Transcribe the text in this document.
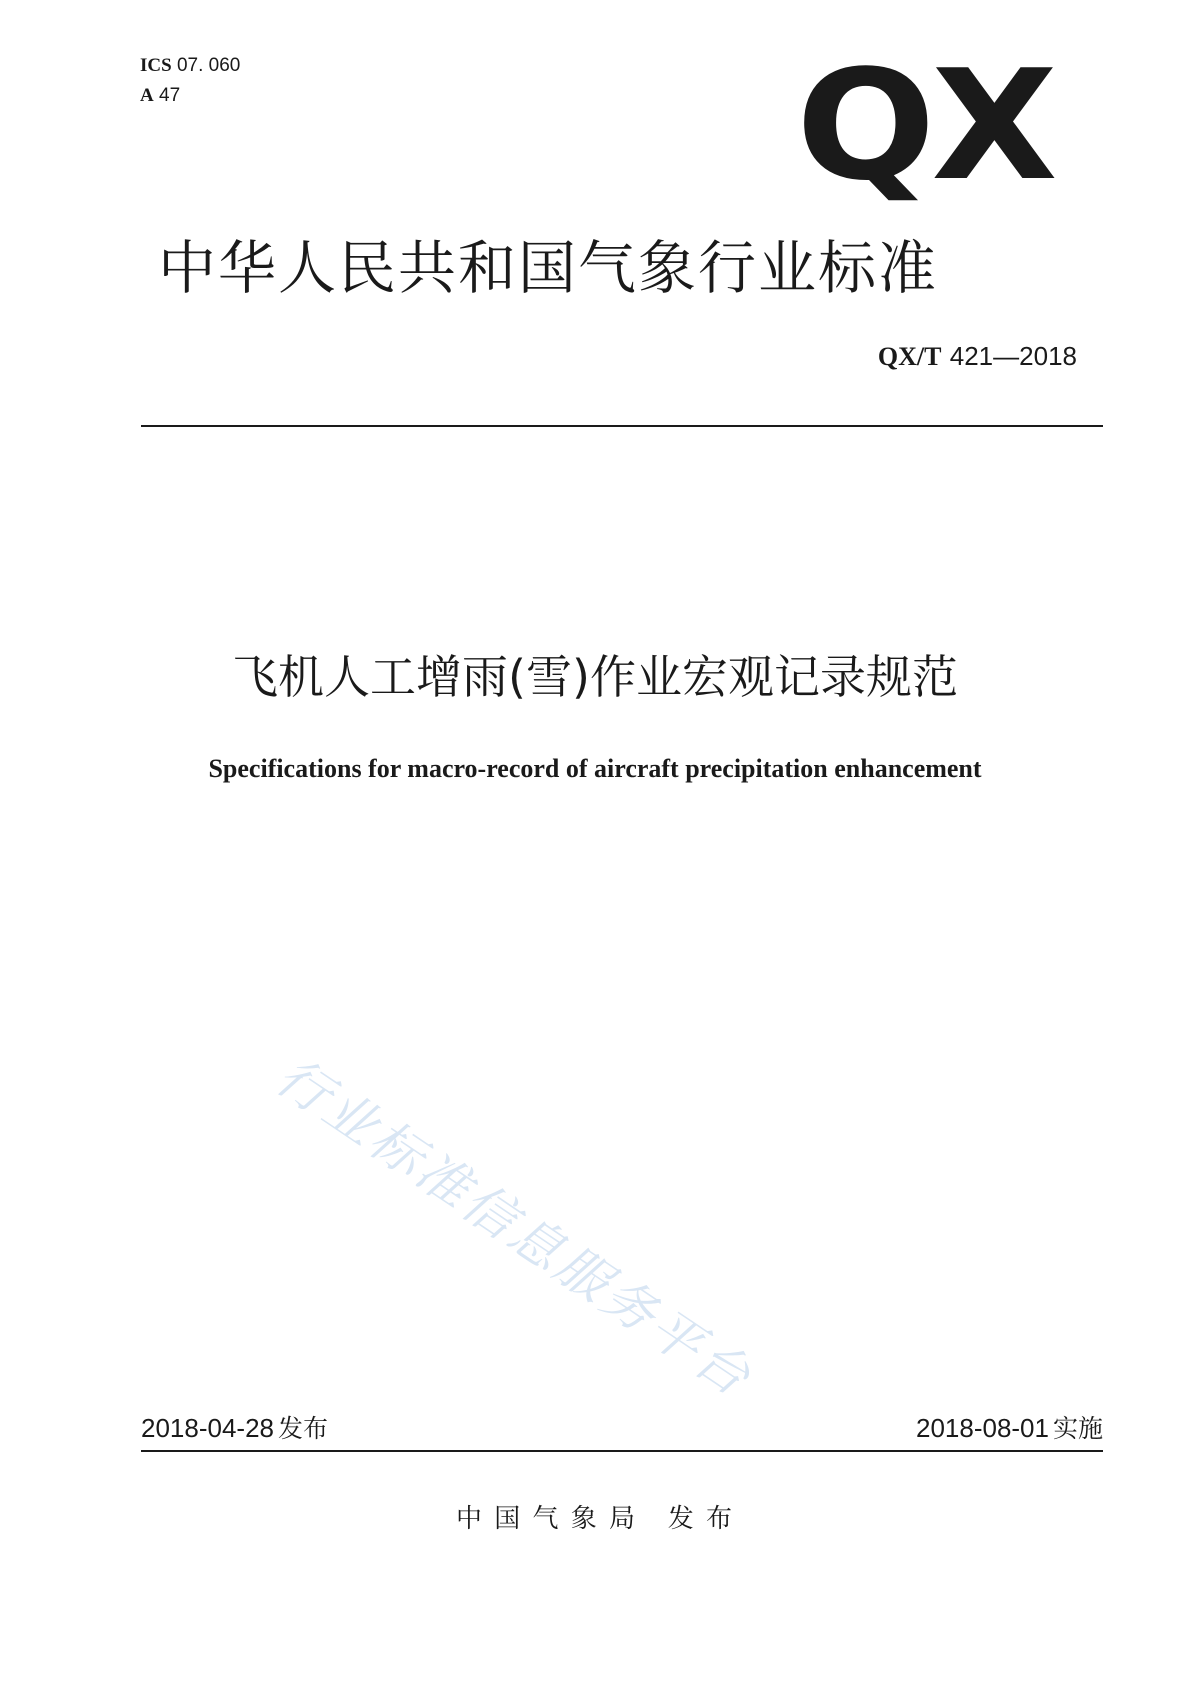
ICS 07. 060
A 47	QX
中华人民共和国气象行业标准
QX/T 421—2018
飞机人工增雨(雪)作业宏观记录规范
Specifications for macro-record of aircraft precipitation enhancement
行业标准信息服务平台
2018-04-28 发布	2018-08-01 实施
中 国 气 象 局   发 布
